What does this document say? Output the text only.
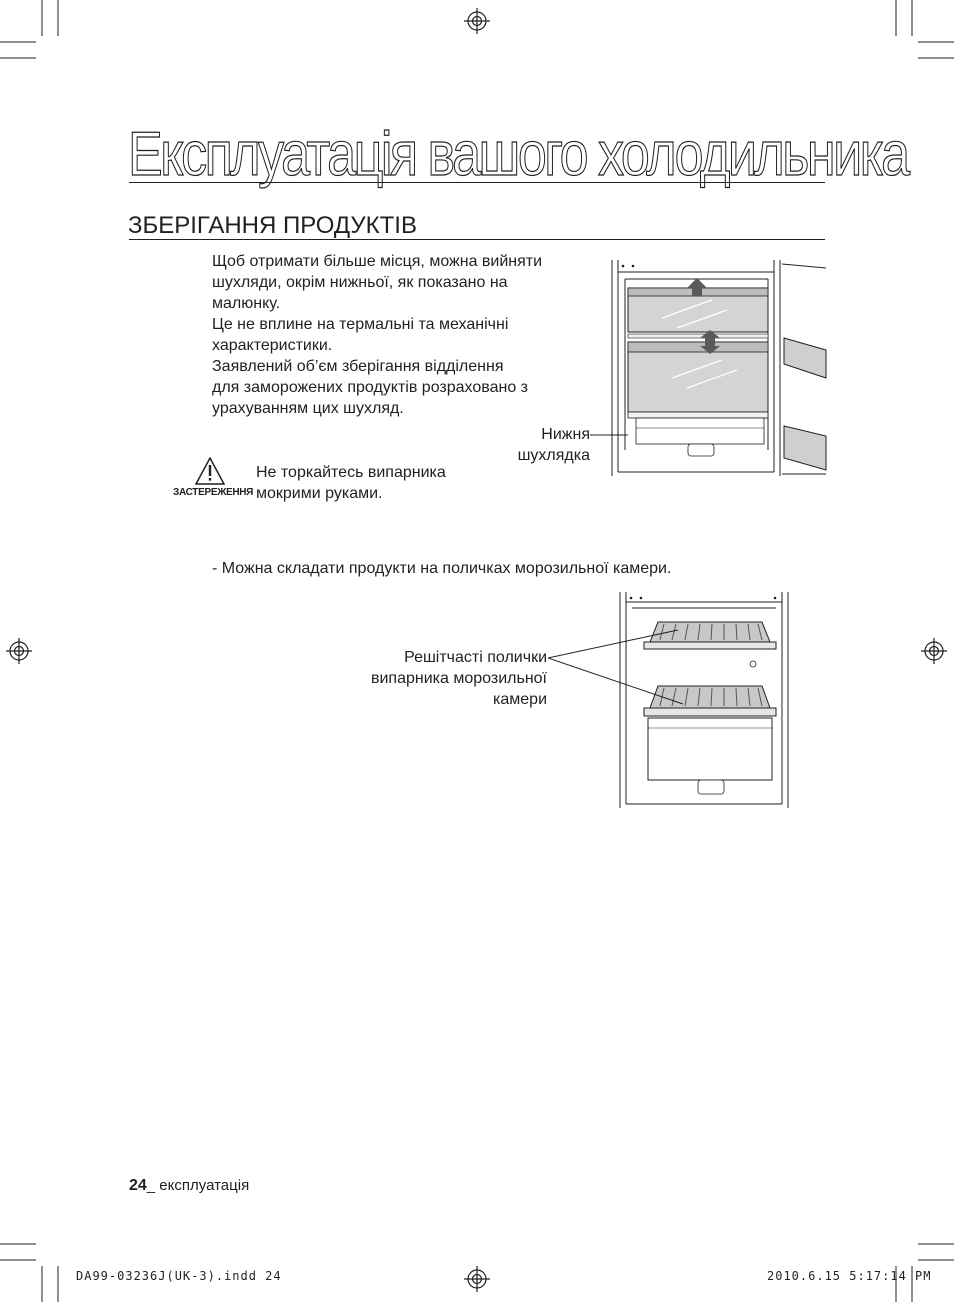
Експлуатація вашого холодильника
ЗБЕРІГАННЯ ПРОДУКТІВ

Щоб отримати більше місця, можна вийняти

шухляди, окрім нижньої, як показано на

малюнку.

Це не вплине на термальні та механічні

характеристики.

Заявлений об’єм зберігання відділення

для заморожених продуктів розраховано з

урахуванням цих шухляд.

ЗАСТЕРЕЖЕННЯ
Не торкайтесь випарника
мокрими руками.
Нижня
шухлядка
- Можна складати продукти на поличках морозильної камери.
Решітчасті полички
випарника морозильної
камери
24_ експлуатація
DA99-03236J(UK-3).indd 24	2010.6.15 5:17:14 PM
